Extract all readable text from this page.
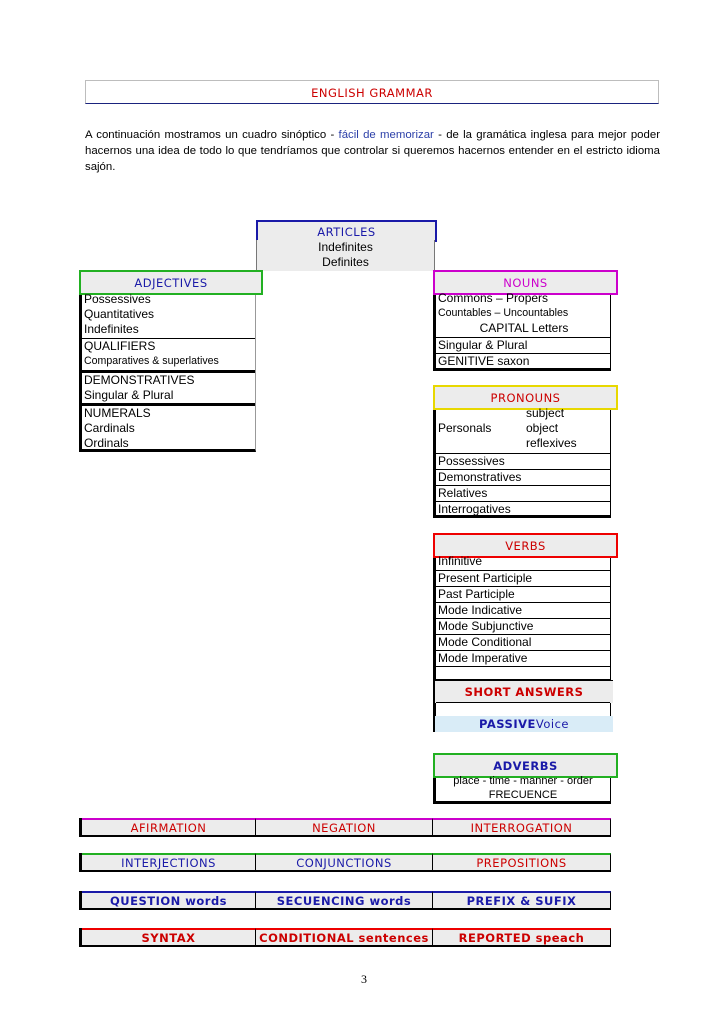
ENGLISH GRAMMAR
A continuación mostramos un cuadro sinóptico - fácil de memorizar - de la gramática inglesa para mejor poder hacernos una idea de todo lo que tendríamos que controlar si queremos hacernos entender en el estricto idioma sajón.
ARTICLES
Indefinites
Definites
ADJECTIVES
Possessives
Quantitatives
Indefinites
QUALIFIERS
Comparatives & superlatives
DEMONSTRATIVES
Singular & Plural
NUMERALS
Cardinals
Ordinals
NOUNS
Commons – Propers
Countables – Uncountables
CAPITAL Letters
Singular & Plural
GENITIVE saxon
PRONOUNS
Personals
subject
object
reflexives
Possessives
Demonstratives
Relatives
Interrogatives
VERBS
Infinitive
Present Participle
Past Participle
Mode Indicative
Mode Subjunctive
Mode Conditional
Mode Imperative
SHORT ANSWERS
PASSIVE Voice
ADVERBS
place - time - manner - order
FRECUENCE
AFIRMATION	NEGATION	INTERROGATION
INTERJECTIONS	CONJUNCTIONS	PREPOSITIONS
QUESTION words	SECUENCING words	PREFIX & SUFIX
SYNTAX	CONDITIONAL sentences	REPORTED speach
3
